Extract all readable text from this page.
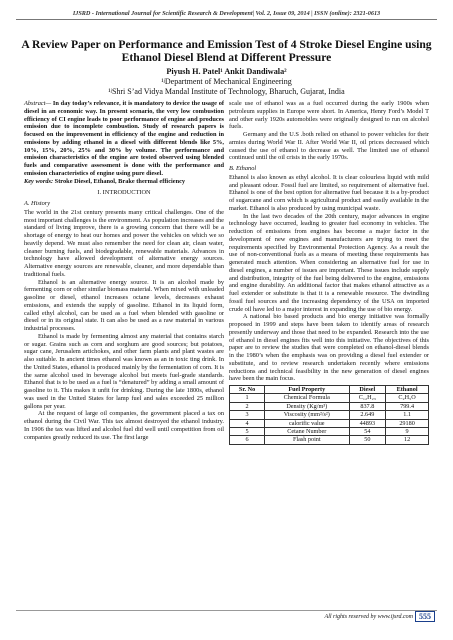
IJSRD - International Journal for Scientific Research & Development| Vol. 2, Issue 09, 2014 | ISSN (online): 2321-0613
A Review Paper on Performance and Emission Test of 4 Stroke Diesel Engine using Ethanol Diesel Blend at Different Pressure
Piyush H. Patel¹ Ankit Dandiwala²
¹ʲDepartment of Mechanical Engineering
¹ʲShri S’ad Vidya Mandal Institute of Technology, Bharuch, Gujarat, India

Abstract— In day today’s relevance, it is mandatory to device the usage of diesel in an economic way. In present scenario, the very low combustion efficiency of CI engine leads to poor performance of engine and produces emission due to incomplete combustion. Study of research papers is focused on the improvement in efficiency of the engine and reduction in emissions by adding ethanol in a diesel with different blends like 5%, 10%, 15%, 20%, 25% and 30% by volume. The performance and emission characteristics of the engine are tested observed using blended fuels and comparative assessment is done with the performance and emission characteristics of engine using pure diesel.

Key words: Stroke Diesel, Ethanol, Brake thermal efficiency

I. INTRODUCTION
A. History

The world in the 21st century presents many critical challenges. One of the most important challenges is the environment. As population increases and the standard of living improve, there is a growing concern that there will be a shortage of energy to heat our homes and power the vehicles on which we so heavily depend. We must also remember the need for clean air, clean water, cleaner burning fuels, and biodegradable, renewable materials. Advances in technology have allowed development of alternative energy sources. Alternative energy sources are renewable, cleaner, and more dependable than traditional fuels.

Ethanol is an alternative energy source. It is an alcohol made by fermenting corn or other similar biomass material. When mixed with unleaded gasoline or diesel, ethanol increases octane levels, decreases exhaust emissions, and extends the supply of gasoline. Ethanol in its liquid form, called ethyl alcohol, can be used as a fuel when blended with gasoline or diesel or in its original state. It can also be used as a raw material in various industrial processes.

Ethanol is made by fermenting almost any material that contains starch or sugar. Grains such as corn and sorghum are good sources; but potatoes, sugar cane, Jerusalem artichokes, and other farm plants and plant wastes are also suitable. In ancient times ethanol was known as an in toxic ting drink. In the United States, ethanol is produced mainly by the fermentation of corn. It is the same alcohol used in beverage alcohol but meets fuel-grade standards. Ethanol that is to be used as a fuel is “denatured” by adding a small amount of gasoline to it. This makes it unfit for drinking. During the late 1800s, ethanol was used in the United States for lamp fuel and sales exceeded 25 million gallons per year.

At the request of large oil companies, the government placed a tax on ethanol during the Civil War. This tax almost destroyed the ethanol industry. In 1906 the tax was lifted and alcohol fuel did well until competition from oil companies greatly reduced its use. The first large

scale use of ethanol was as a fuel occurred during the early 1900s when petroleum supplies in Europe were short. In America, Henry Ford’s Model T and other early 1920s automobiles were originally designed to run on alcohol fuels.

Germany and the U.S .both relied on ethanol to power vehicles for their armies during World War II. After World War II, oil prices decreased which caused the use of ethanol to decrease as well. The limited use of ethanol continued until the oil crisis in the early 1970s.

B. Ethanol

Ethanol is also known as ethyl alcohol. It is clear colourless liquid with mild and pleasant odour. Fossil fuel are limited, so requirement of alternative fuel. Ethanol is one of the best option for alternative fuel because it is a by-product of sugarcane and corn which is agricultural product and easily available in the market. Ethanol is also produced by using municipal waste.

In the last two decades of the 20th century, major advances in engine technology have occurred, leading to greater fuel economy in vehicles. The reduction of emissions from engines has become a major factor in the development of new engines and manufacturers are trying to meet the requirements specified by Environmental Protection Agency. As a result the use of non-conventional fuels as a means of meeting these requirements has generated much attention. When considering an alternative fuel for use in diesel engines, a number of issues are important. These issues include supply and distribution, integrity of the fuel being delivered to the engine, emissions and engine durability. An additional factor that makes ethanol attractive as a fuel extender or substitute is that it is a renewable resource. The dwindling fossil fuel sources and the increasing dependency of the USA on imported crude oil have led to a major interest in expanding the use of bio energy.

A national bio based products and bio energy initiative was formally proposed in 1999 and steps have been taken to identify areas of research presently underway and those that need to be expanded. Research into the use of ethanol in diesel engines fits well into this initiative. The objectives of this paper are to review the studies that were completed on ethanol-diesel blends in the 1980’s when the emphasis was on providing a diesel fuel extender or substitute, and to review research undertaken recently where emissions reductions and technical feasibility in the new generation of diesel engines have been the main focus.

Sr. No	Fuel Property	Diesel	Ethanol
1	Chemical Formula	C₁₂H₂₃	C₂H₅O
2	Density (Kg/m³)	837.8	799.4
3	Viscosity (mm²/s²)	2.649	1.1
4	calorific value	44893	29180
5	Cetane Number	54	9
6	Flash point	50	12
All rights reserved by www.ijsrd.com 555
